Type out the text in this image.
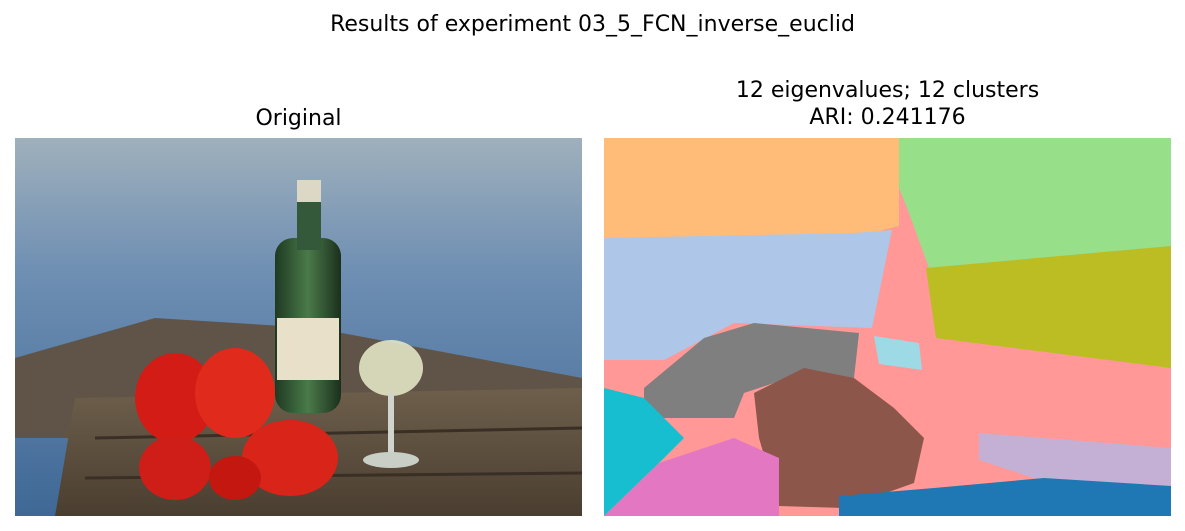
Results of experiment 03_5_FCN_inverse_euclid
Original
12 eigenvalues; 12 clusters
ARI: 0.241176
